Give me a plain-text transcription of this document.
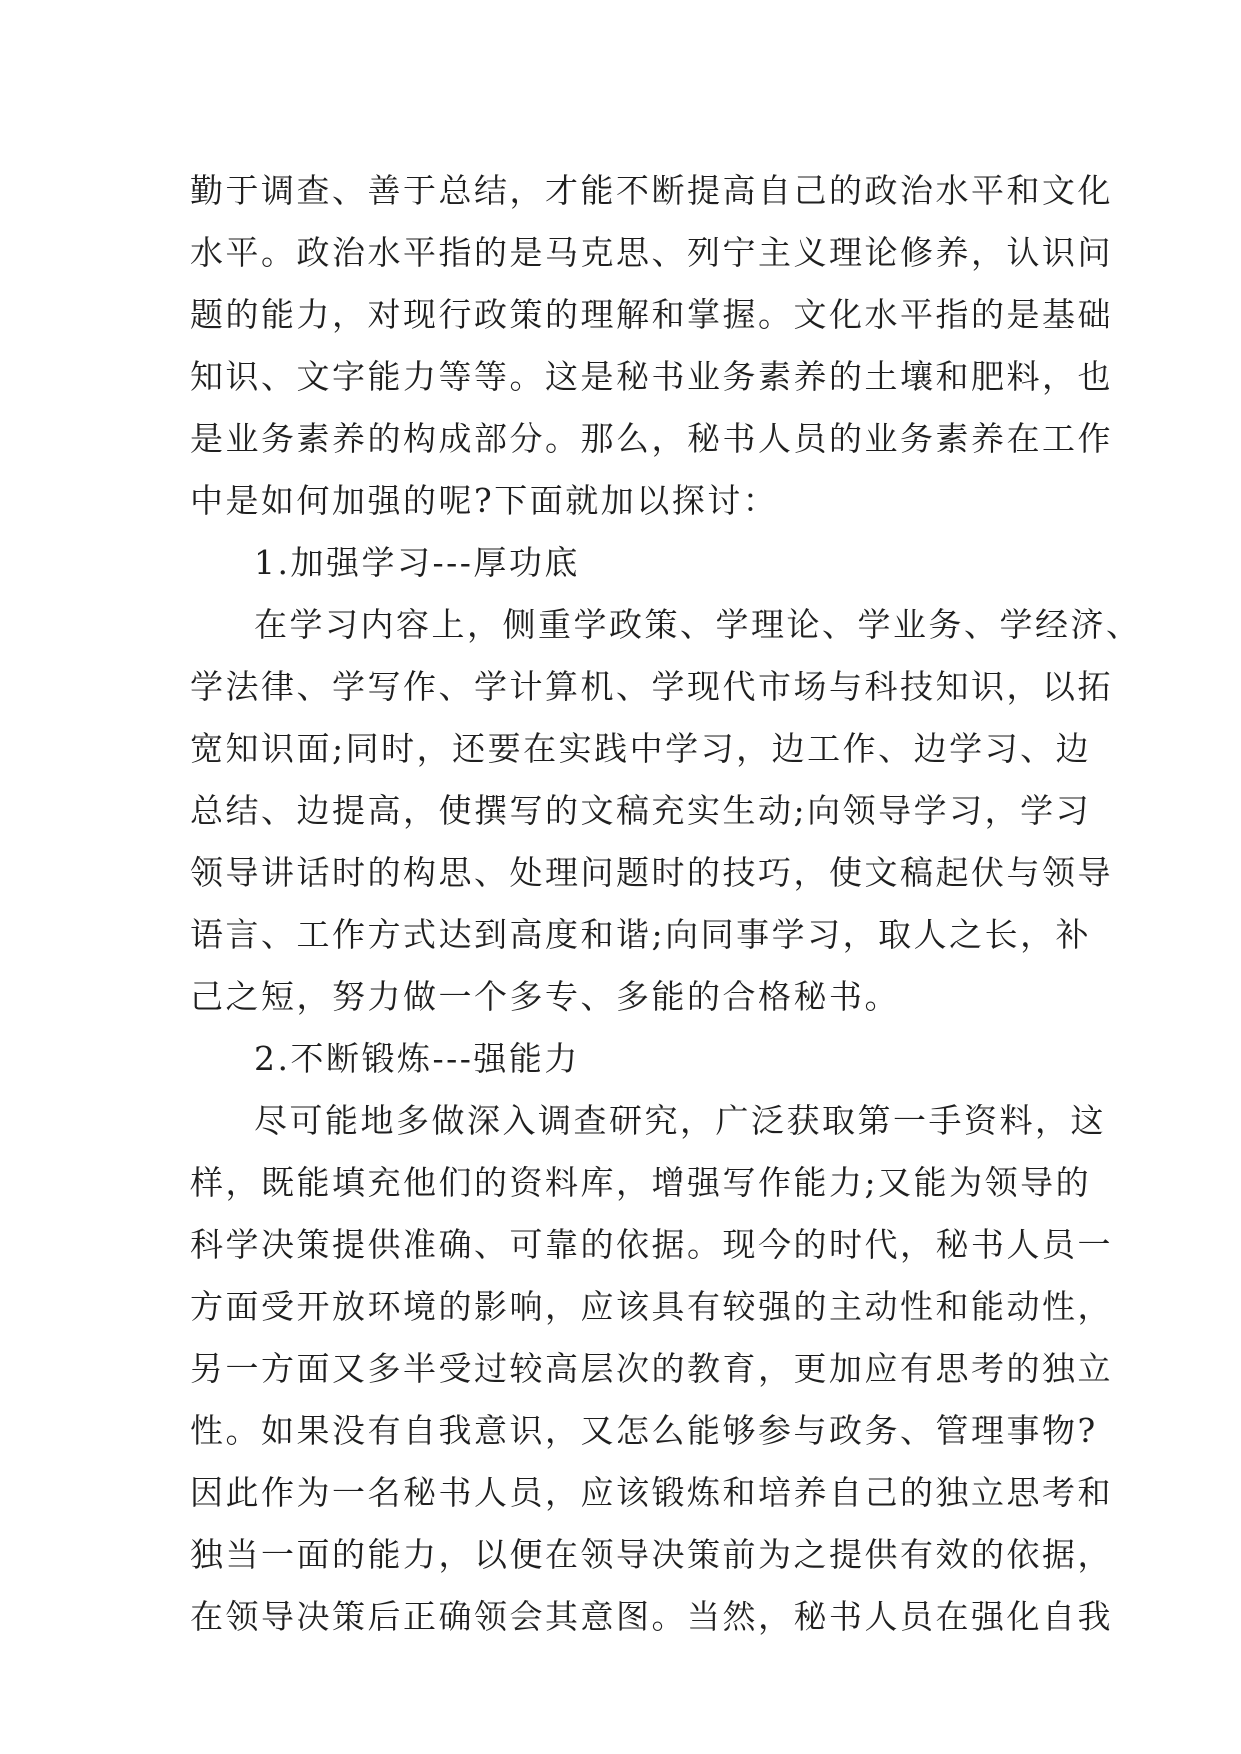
勤于调查、善于总结，才能不断提高自己的政治水平和文化
水平。政治水平指的是马克思、列宁主义理论修养，认识问
题的能力，对现行政策的理解和掌握。文化水平指的是基础
知识、文字能力等等。这是秘书业务素养的土壤和肥料，也
是业务素养的构成部分。那么，秘书人员的业务素养在工作
中是如何加强的呢?下面就加以探讨：
1.加强学习---厚功底
在学习内容上，侧重学政策、学理论、学业务、学经济、
学法律、学写作、学计算机、学现代市场与科技知识，以拓
宽知识面;同时，还要在实践中学习，边工作、边学习、边
总结、边提高，使撰写的文稿充实生动;向领导学习，学习
领导讲话时的构思、处理问题时的技巧，使文稿起伏与领导
语言、工作方式达到高度和谐;向同事学习，取人之长，补
己之短，努力做一个多专、多能的合格秘书。
2.不断锻炼---强能力
尽可能地多做深入调查研究，广泛获取第一手资料，这
样，既能填充他们的资料库，增强写作能力;又能为领导的
科学决策提供准确、可靠的依据。现今的时代，秘书人员一
方面受开放环境的影响，应该具有较强的主动性和能动性，
另一方面又多半受过较高层次的教育，更加应有思考的独立
性。如果没有自我意识，又怎么能够参与政务、管理事物?
因此作为一名秘书人员，应该锻炼和培养自己的独立思考和
独当一面的能力，以便在领导决策前为之提供有效的依据，
在领导决策后正确领会其意图。当然，秘书人员在强化自我
